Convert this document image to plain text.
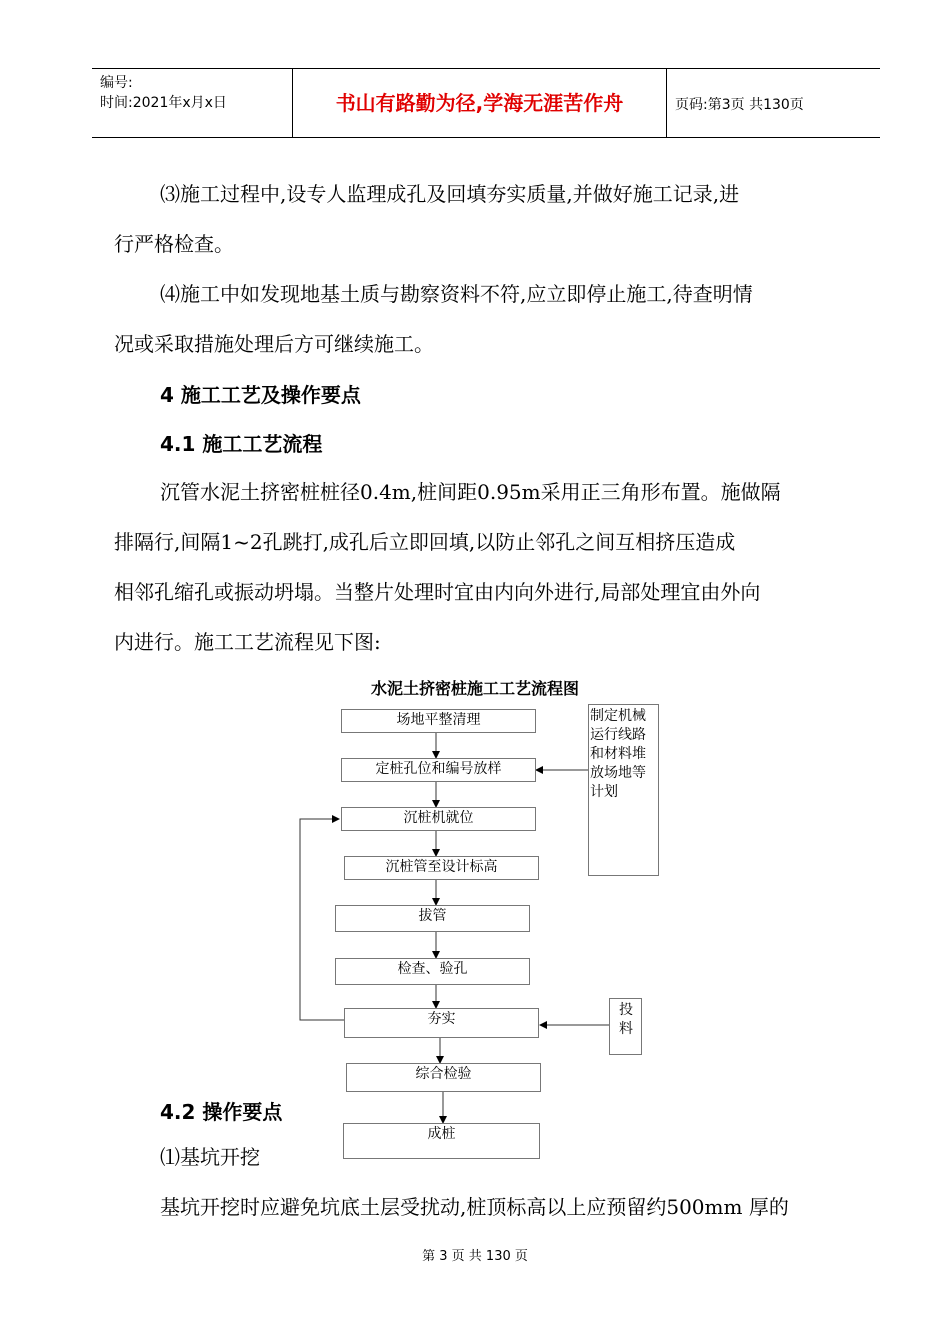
编号:
时间:2021年x月x日	书山有路勤为径,学海无涯苦作舟	页码:第3页 共130页
⑶施工过程中,设专人监理成孔及回填夯实质量,并做好施工记录,进
行严格检查。
⑷施工中如发现地基土质与勘察资料不符,应立即停止施工,待查明情
况或采取措施处理后方可继续施工。
4 施工工艺及操作要点
4.1 施工工艺流程
沉管水泥土挤密桩桩径0.4m,桩间距0.95m采用正三角形布置。施做隔
排隔行,间隔1~2孔跳打,成孔后立即回填,以防止邻孔之间互相挤压造成
相邻孔缩孔或振动坍塌。当整片处理时宜由内向外进行,局部处理宜由外向
内进行。施工工艺流程见下图:
水泥土挤密桩施工工艺流程图
场地平整清理
定桩孔位和编号放样
沉桩机就位
沉桩管至设计标高
拔管
检查、验孔
夯实
综合检验
成桩
制定机械
运行线路
和材料堆
放场地等
计划
投
料
4.2 操作要点
⑴基坑开挖
基坑开挖时应避免坑底土层受扰动,桩顶标高以上应预留约500mm 厚的
第 3 页 共 130 页
